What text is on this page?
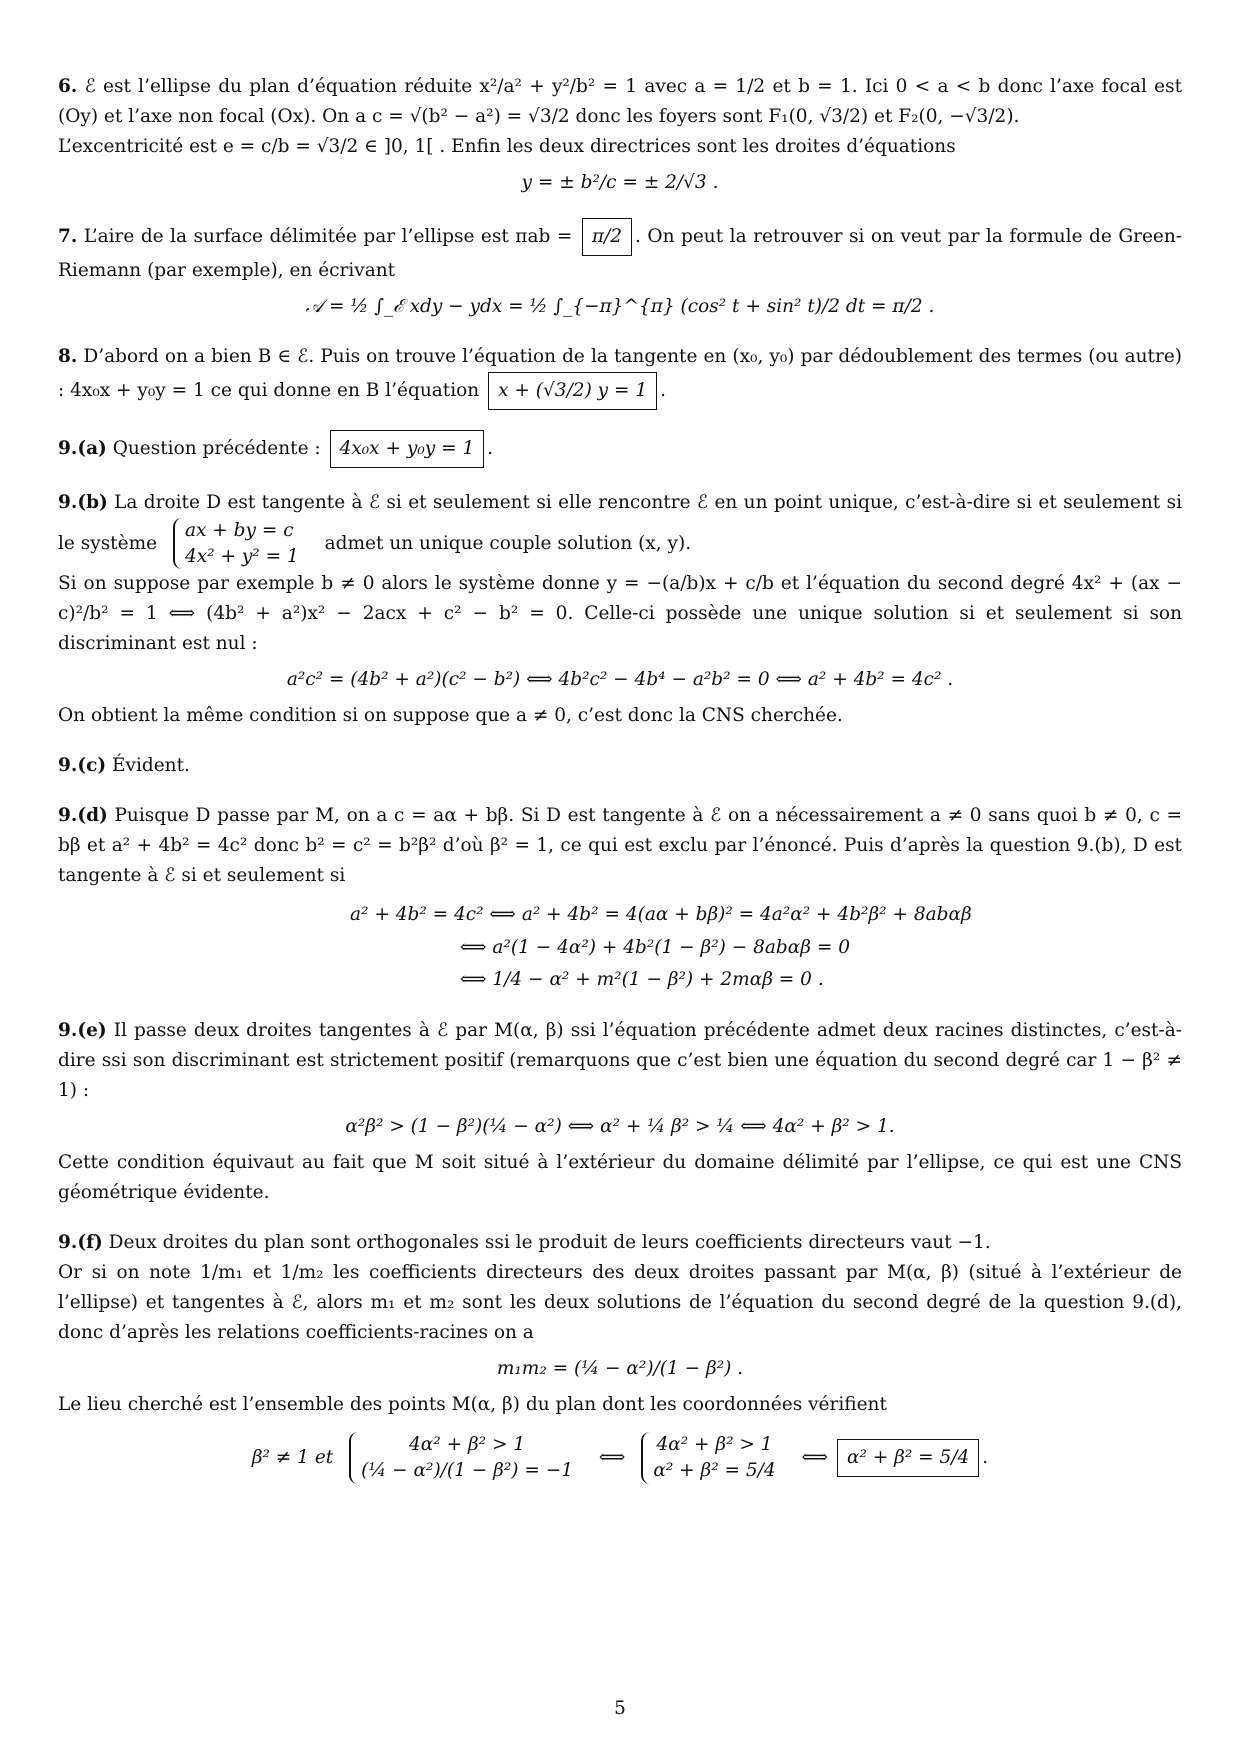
6. ℰ est l’ellipse du plan d’équation réduite x²/a² + y²/b² = 1 avec a = 1/2 et b = 1. Ici 0 < a < b donc l’axe focal est (Oy) et l’axe non focal (Ox). On a c = √(b² − a²) = √3/2 donc les foyers sont F₁(0, √3/2) et F₂(0, −√3/2).

L’excentricité est e = c/b = √3/2 ∈ ]0, 1[ . Enfin les deux directrices sont les droites d’équations

y = ± b²/c = ± 2/√3 .

7. L’aire de la surface délimitée par l’ellipse est πab = π/2 . On peut la retrouver si on veut par la formule de Green-Riemann (par exemple), en écrivant

𝒜 = ½ ∫_ℰ xdy − ydx = ½ ∫_{−π}^{π} (cos² t + sin² t)/2 dt = π/2 .

8. D’abord on a bien B ∈ ℰ. Puis on trouve l’équation de la tangente en (x₀, y₀) par dédoublement des termes (ou autre) : 4x₀x + y₀y = 1 ce qui donne en B l’équation x + (√3/2) y = 1 .

9.(a) Question précédente : 4x₀x + y₀y = 1 .

9.(b) La droite D est tangente à ℰ si et seulement si elle rencontre ℰ en un point unique, c’est-à-dire si et seulement si le système
ax + by = c
4x² + y² = 1
admet un unique couple solution (x, y).

Si on suppose par exemple b ≠ 0 alors le système donne y = −(a/b)x + c/b et l’équation du second degré 4x² + (ax − c)²/b² = 1 ⟺ (4b² + a²)x² − 2acx + c² − b² = 0. Celle-ci possède une unique solution si et seulement si son discriminant est nul :

a²c² = (4b² + a²)(c² − b²) ⟺ 4b²c² − 4b⁴ − a²b² = 0 ⟺ a² + 4b² = 4c² .

On obtient la même condition si on suppose que a ≠ 0, c’est donc la CNS cherchée.

9.(c) Évident.

9.(d) Puisque D passe par M, on a c = aα + bβ. Si D est tangente à ℰ on a nécessairement a ≠ 0 sans quoi b ≠ 0, c = bβ et a² + 4b² = 4c² donc b² = c² = b²β² d’où β² = 1, ce qui est exclu par l’énoncé. Puis d’après la question 9.(b), D est tangente à ℰ si et seulement si

a² + 4b² = 4c² ⟺ a² + 4b² = 4(aα + bβ)² = 4a²α² + 4b²β² + 8abαβ
⟺ a²(1 − 4α²) + 4b²(1 − β²) − 8abαβ = 0
⟺ 1/4 − α² + m²(1 − β²) + 2mαβ = 0 .

9.(e) Il passe deux droites tangentes à ℰ par M(α, β) ssi l’équation précédente admet deux racines distinctes, c’est-à-dire ssi son discriminant est strictement positif (remarquons que c’est bien une équation du second degré car 1 − β² ≠ 1) :

α²β² > (1 − β²)(¼ − α²) ⟺ α² + ¼ β² > ¼ ⟺ 4α² + β² > 1.

Cette condition équivaut au fait que M soit situé à l’extérieur du domaine délimité par l’ellipse, ce qui est une CNS géométrique évidente.

9.(f) Deux droites du plan sont orthogonales ssi le produit de leurs coefficients directeurs vaut −1.

Or si on note 1/m₁ et 1/m₂ les coefficients directeurs des deux droites passant par M(α, β) (situé à l’extérieur de l’ellipse) et tangentes à ℰ, alors m₁ et m₂ sont les deux solutions de l’équation du second degré de la question 9.(d), donc d’après les relations coefficients-racines on a

m₁m₂ = (¼ − α²)/(1 − β²) .

Le lieu cherché est l’ensemble des points M(α, β) du plan dont les coordonnées vérifient

β² ≠ 1 et
4α² + β² > 1
(¼ − α²)/(1 − β²) = −1
⟺
4α² + β² > 1
α² + β² = 5/4
⟺ α² + β² = 5/4 .
5
